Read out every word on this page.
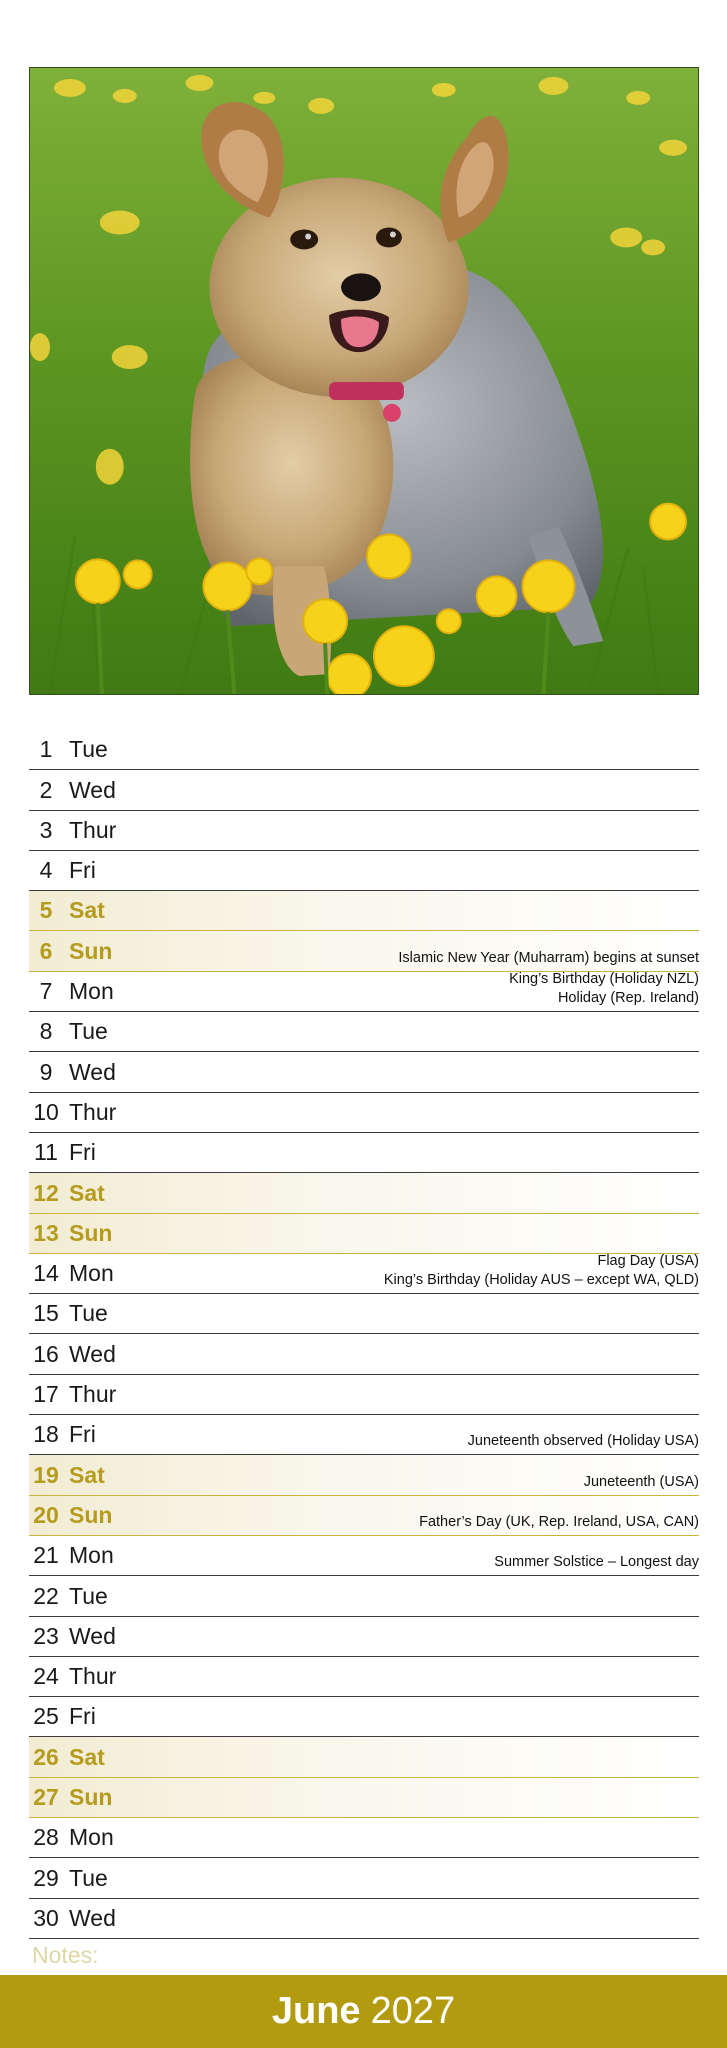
1 Tue
2 Wed
3 Thur
4 Fri
5 Sat
6 Sun	Islamic New Year (Muharram) begins at sunset
7 Mon	King’s Birthday (Holiday NZL)
Holiday (Rep. Ireland)
8 Tue
9 Wed
10 Thur
11 Fri
12 Sat
13 Sun
14 Mon	Flag Day (USA)
King’s Birthday (Holiday AUS – except WA, QLD)
15 Tue
16 Wed
17 Thur
18 Fri	Juneteenth observed (Holiday USA)
19 Sat	Juneteenth (USA)
20 Sun	Father’s Day (UK, Rep. Ireland, USA, CAN)
21 Mon	Summer Solstice – Longest day
22 Tue
23 Wed
24 Thur
25 Fri
26 Sat
27 Sun
28 Mon
29 Tue
30 Wed
Notes:
June 2027
